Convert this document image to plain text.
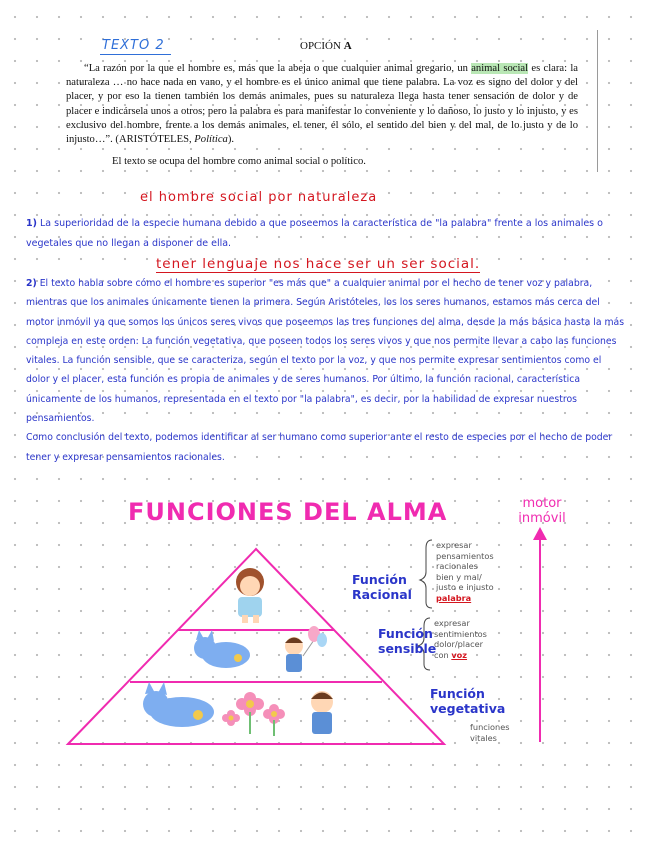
TEXTO 2	OPCIÓN A

“La razón por la que el hombre es, más que la abeja o que cualquier animal gregario, un animal social es clara: la naturaleza … no hace nada en vano, y el hombre es el único animal que tiene palabra. La voz es signo del dolor y del placer, y por eso la tienen también los demás animales, pues su naturaleza llega hasta tener sensación de dolor y de placer e indicársela unos a otros; pero la palabra es para manifestar lo conveniente y lo dañoso, lo justo y lo injusto, y es exclusivo del hombre, frente a los demás animales, el tener, él sólo, el sentido del bien y del mal, de lo justo y de lo injusto…”. (ARISTÓTELES, Política).

El texto se ocupa del hombre como animal social o político.

el hombre social por naturaleza
tener lenguaje nos hace ser un ser social.

1) La superioridad de la especie humana debido a que poseemos la característica de "la palabra" frente a los animales o vegetales que no llegan a disponer de ella.

2) El texto habla sobre cómo el hombre es superior "es más que" a cualquier animal por el hecho de tener voz y palabra, mientras que los animales únicamente tienen la primera. Según Aristóteles, los los seres humanos, estamos más cerca del motor inmóvil ya que somos los únicos seres vivos que poseemos las tres funciones del alma, desde la más básica hasta la más compleja en este orden: La función vegetativa, que poseen todos los seres vivos y que nos permite llevar a cabo las funciones vitales. La función sensible, que se caracteriza, según el texto por la voz, y que nos permite expresar sentimientos como el dolor y el placer, esta función es propia de animales y de seres humanos. Por último, la función racional, característica únicamente de los humanos, representada en el texto por "la palabra", es decir, por la habilidad de expresar nuestros pensamientos.
Como conclusión del texto, podemos identificar al ser humano como superior ante el resto de especies por el hecho de poder tener y expresar pensamientos racionales.

FUNCIONES DEL ALMA	motor inmóvil
Función
Racional
Función
sensible
Función
vegetativa
expresar
pensamientos
racionales
bien y mal/
justo e injusto
palabra
expresar
sentimientos
dolor/placer
con voz
funciones
vitales
